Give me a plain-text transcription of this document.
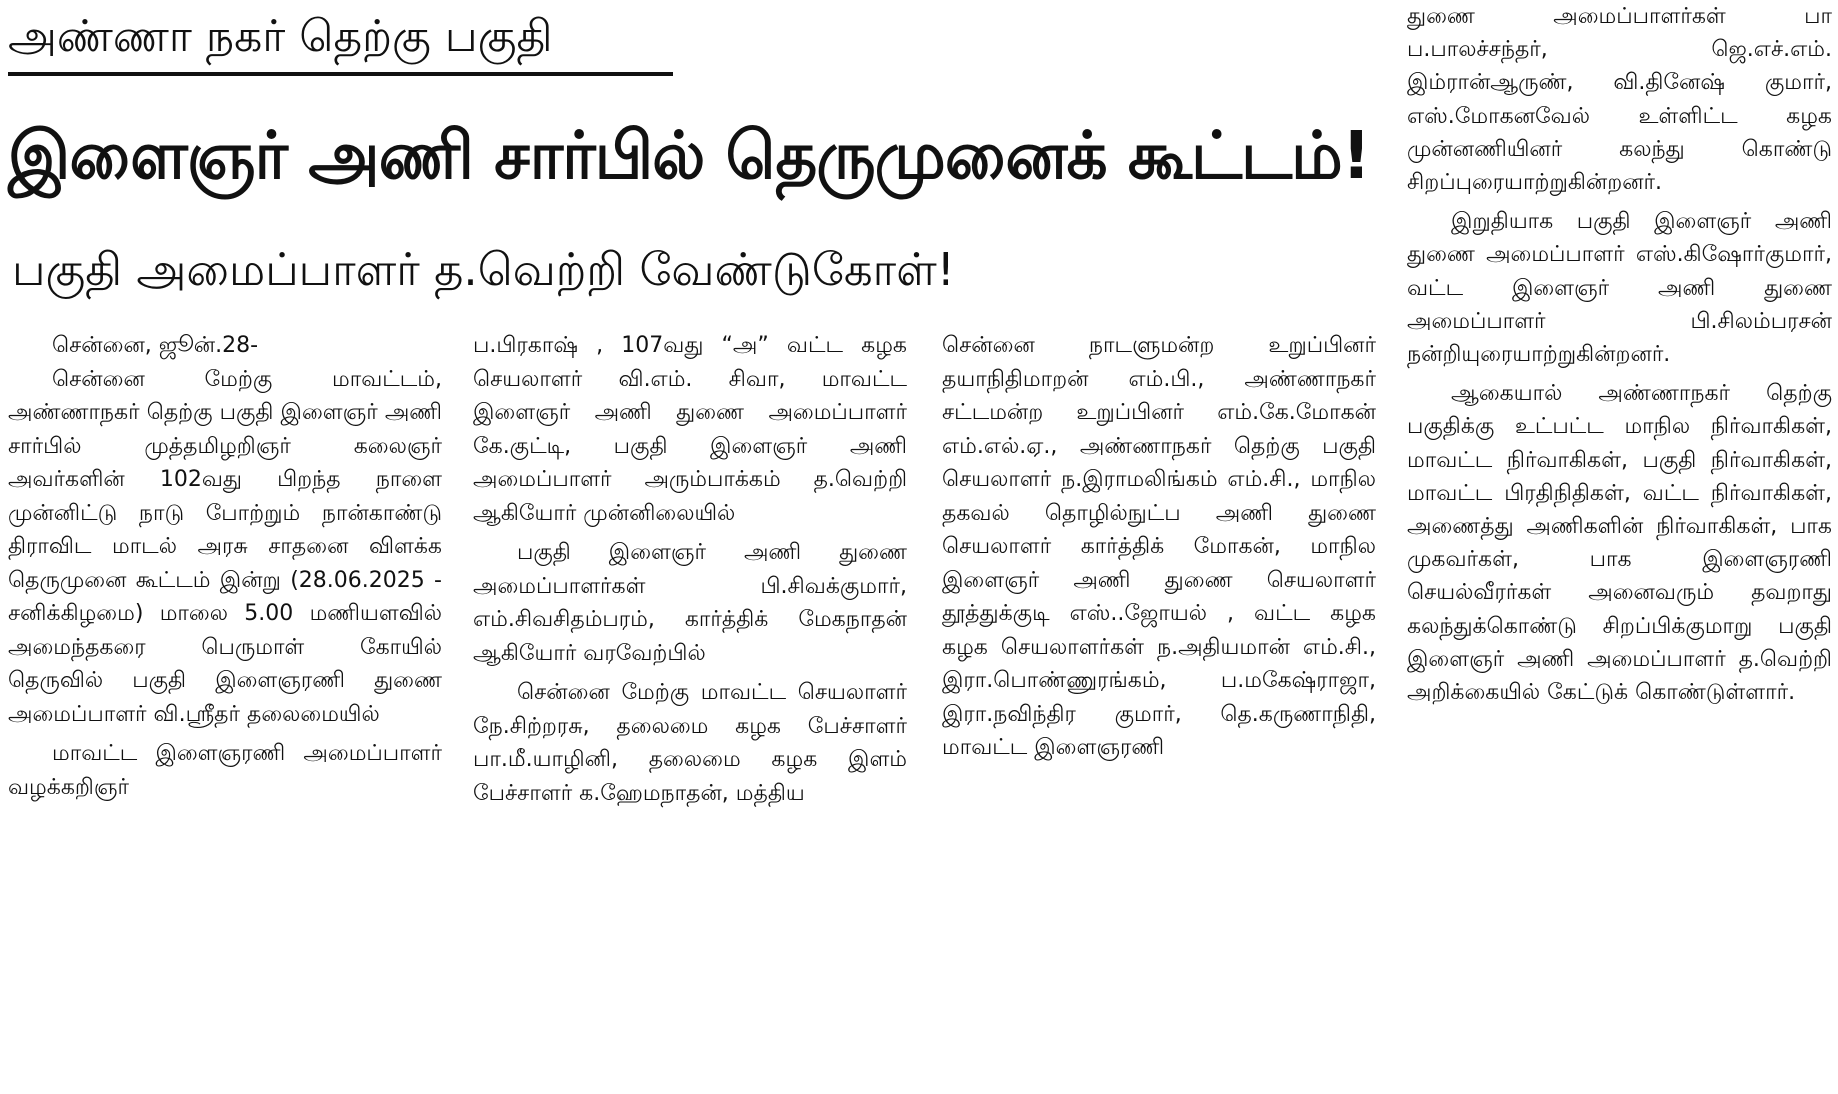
அண்ணா நகர் தெற்கு பகுதி
இளைஞர் அணி சார்பில் தெருமுனைக் கூட்டம்!
பகுதி அமைப்பாளர் த.வெற்றி வேண்டுகோள்!

சென்னை, ஜூன்.28-

சென்னை மேற்கு மாவட்டம், அண்ணாநகர் தெற்கு பகுதி இளைஞர் அணி சார்பில் முத்தமிழறிஞர் கலைஞர் அவர்களின் 102வது பிறந்த நாளை முன்னிட்டு நாடு போற்றும் நான்காண்டு திராவிட மாடல் அரசு சாதனை விளக்க தெருமுனை கூட்டம் இன்று (28.06.2025 - சனிக்கிழமை) மாலை 5.00 மணியளவில் அமைந்தகரை பெருமாள் கோயில் தெருவில் பகுதி இளைஞரணி துணை அமைப்பாளர் வி.ஸ்ரீதர் தலைமையில்

மாவட்ட இளைஞரணி அமைப்பாளர் வழக்கறிஞர்

ப.பிரகாஷ் , 107வது “அ” வட்ட கழக செயலாளர் வி.எம். சிவா, மாவட்ட இளைஞர் அணி துணை அமைப்பாளர் கே.குட்டி, பகுதி இளைஞர் அணி அமைப்பாளர் அரும்பாக்கம் த.வெற்றி ஆகியோர் முன்னிலையில்

பகுதி இளைஞர் அணி துணை அமைப்பாளர்கள் பி.சிவக்குமார், எம்.சிவசிதம்பரம், கார்த்திக் மேகநாதன் ஆகியோர் வரவேற்பில்

சென்னை மேற்கு மாவட்ட செயலாளர் நே.சிற்றரசு, தலைமை கழக பேச்சாளர் பா.மீ.யாழினி, தலைமை கழக இளம் பேச்சாளர் க.ஹேமநாதன், மத்திய

சென்னை நாடளுமன்ற உறுப்பினர் தயாநிதிமாறன் எம்.பி., அண்ணாநகர் சட்டமன்ற உறுப்பினர் எம்.கே.மோகன் எம்.எல்.ஏ., அண்ணாநகர் தெற்கு பகுதி செயலாளர் ந.இராமலிங்கம் எம்.சி., மாநில தகவல் தொழில்நுட்ப அணி துணை செயலாளர் கார்த்திக் மோகன், மாநில இளைஞர் அணி துணை செயலாளர் தூத்துக்குடி எஸ்..ஜோயல் , வட்ட கழக கழக செயலாளர்கள் ந.அதியமான் எம்.சி., இரா.பொண்ணுரங்கம், ப.மகேஷ்ராஜா, இரா.நவிந்திர குமார், தெ.கருணாநிதி, மாவட்ட இளைஞரணி

துணை அமைப்பாளர்கள் பா ப.பாலச்சந்தர், ஜெ.எச்.எம். இம்ரான்ஆருண், வி.தினேஷ் குமார், எஸ்.மோகனவேல் உள்ளிட்ட கழக முன்னணியினர் கலந்து கொண்டு சிறப்புரையாற்றுகின்றனர்.

இறுதியாக பகுதி இளைஞர் அணி துணை அமைப்பாளர் எஸ்.கிஷோர்குமார், வட்ட இளைஞர் அணி துணை அமைப்பாளர் பி.சிலம்பரசன் நன்றியுரையாற்றுகின்றனர்.

ஆகையால் அண்ணாநகர் தெற்கு பகுதிக்கு உட்பட்ட மாநில நிர்வாகிகள், மாவட்ட நிர்வாகிகள், பகுதி நிர்வாகிகள், மாவட்ட பிரதிநிதிகள், வட்ட நிர்வாகிகள், அணைத்து அணிகளின் நிர்வாகிகள், பாக முகவர்கள், பாக இளைஞரணி செயல்வீரர்கள் அனைவரும் தவறாது கலந்துக்கொண்டு சிறப்பிக்குமாறு பகுதி இளைஞர் அணி அமைப்பாளர் த.வெற்றி அறிக்கையில் கேட்டுக் கொண்டுள்ளார்.
